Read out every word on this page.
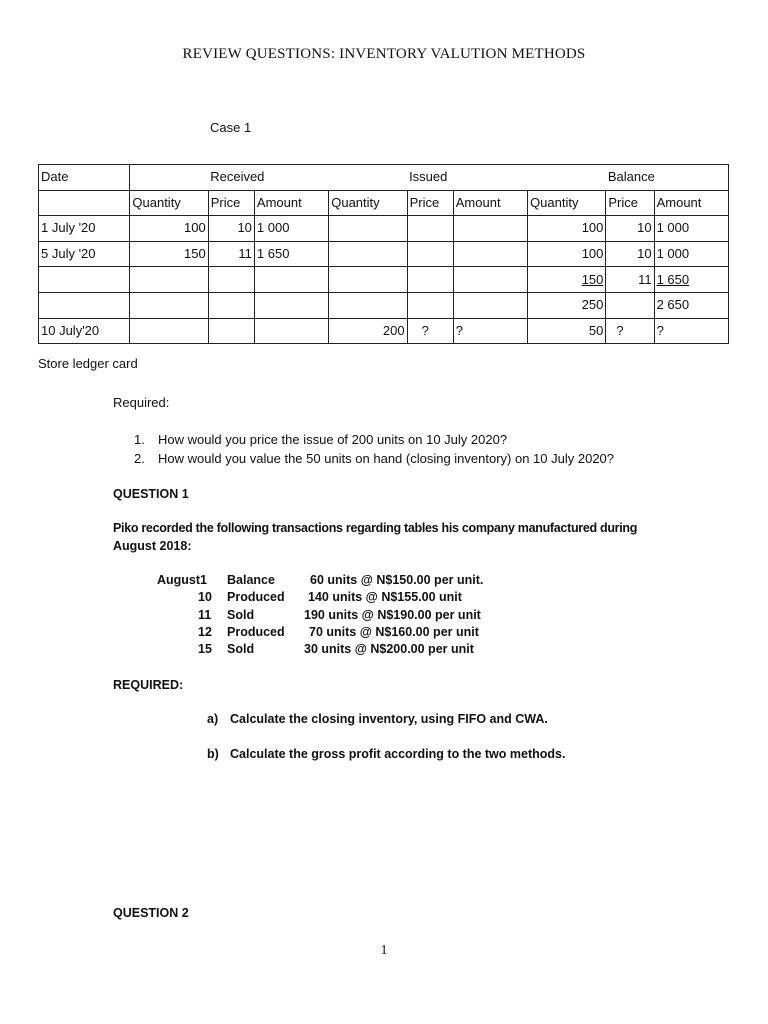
REVIEW QUESTIONS: INVENTORY VALUTION METHODS
Case 1
Date		Received			Issued			Balance	
	Quantity	Price	Amount	Quantity	Price	Amount	Quantity	Price	Amount
1 July '20	100	10	1 000				100	10	1 000
5 July '20	150	11	1 650				100	10	1 000
							150	11	1 650
							250		2 650
10 July'20				200	?	?	50	?	?
Store ledger card
Required:
1. How would you price the issue of 200 units on 10 July 2020?
2. How would you value the 50 units on hand (closing inventory) on 10 July 2020?
QUESTION 1
Piko recorded the following transactions regarding tables his company manufactured during
August 2018:
August 1 Balance	60 units @ N$150.00 per unit.
10 Produced 140 units @ N$155.00 unit
11 Sold	190 units @ N$190.00 per unit
12 Produced 70 units @ N$160.00 per unit
15 Sold	30 units @ N$200.00 per unit
REQUIRED:
a) Calculate the closing inventory, using FIFO and CWA.
b) Calculate the gross profit according to the two methods.
QUESTION 2
1
